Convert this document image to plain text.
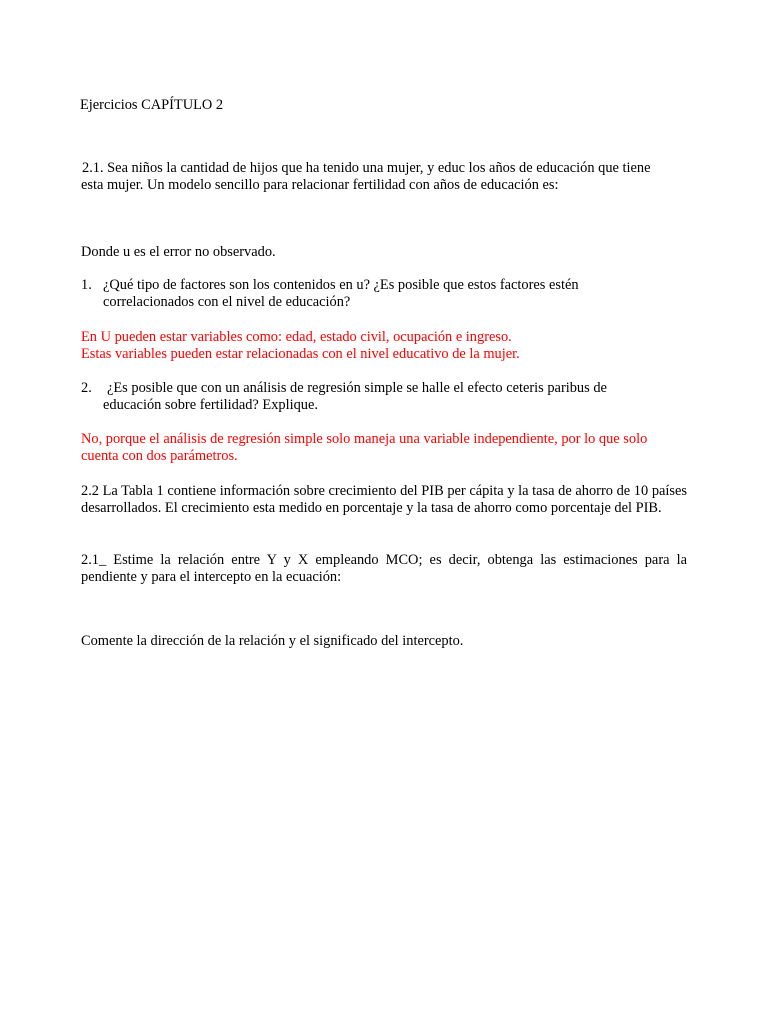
Ejercicios CAPÍTULO 2
2.1. Sea niños la cantidad de hijos que ha tenido una mujer, y educ los años de educación que tiene
esta mujer. Un modelo sencillo para relacionar fertilidad con años de educación es:
Donde u es el error no observado.
1. ¿Qué tipo de factores son los contenidos en u? ¿Es posible que estos factores estén
correlacionados con el nivel de educación?
En U pueden estar variables como: edad, estado civil, ocupación e ingreso.
Estas variables pueden estar relacionadas con el nivel educativo de la mujer.
2. ¿Es posible que con un análisis de regresión simple se halle el efecto ceteris paribus de
educación sobre fertilidad? Explique.
No, porque el análisis de regresión simple solo maneja una variable independiente, por lo que solo
cuenta con dos parámetros.
2.2 La Tabla 1 contiene información sobre crecimiento del PIB per cápita y la tasa de ahorro de 10 países desarrollados. El crecimiento esta medido en porcentaje y la tasa de ahorro como porcentaje del PIB.
2.1_ Estime la relación entre Y y X empleando MCO; es decir, obtenga las estimaciones para la pendiente y para el intercepto en la ecuación:
Comente la dirección de la relación y el significado del intercepto.
